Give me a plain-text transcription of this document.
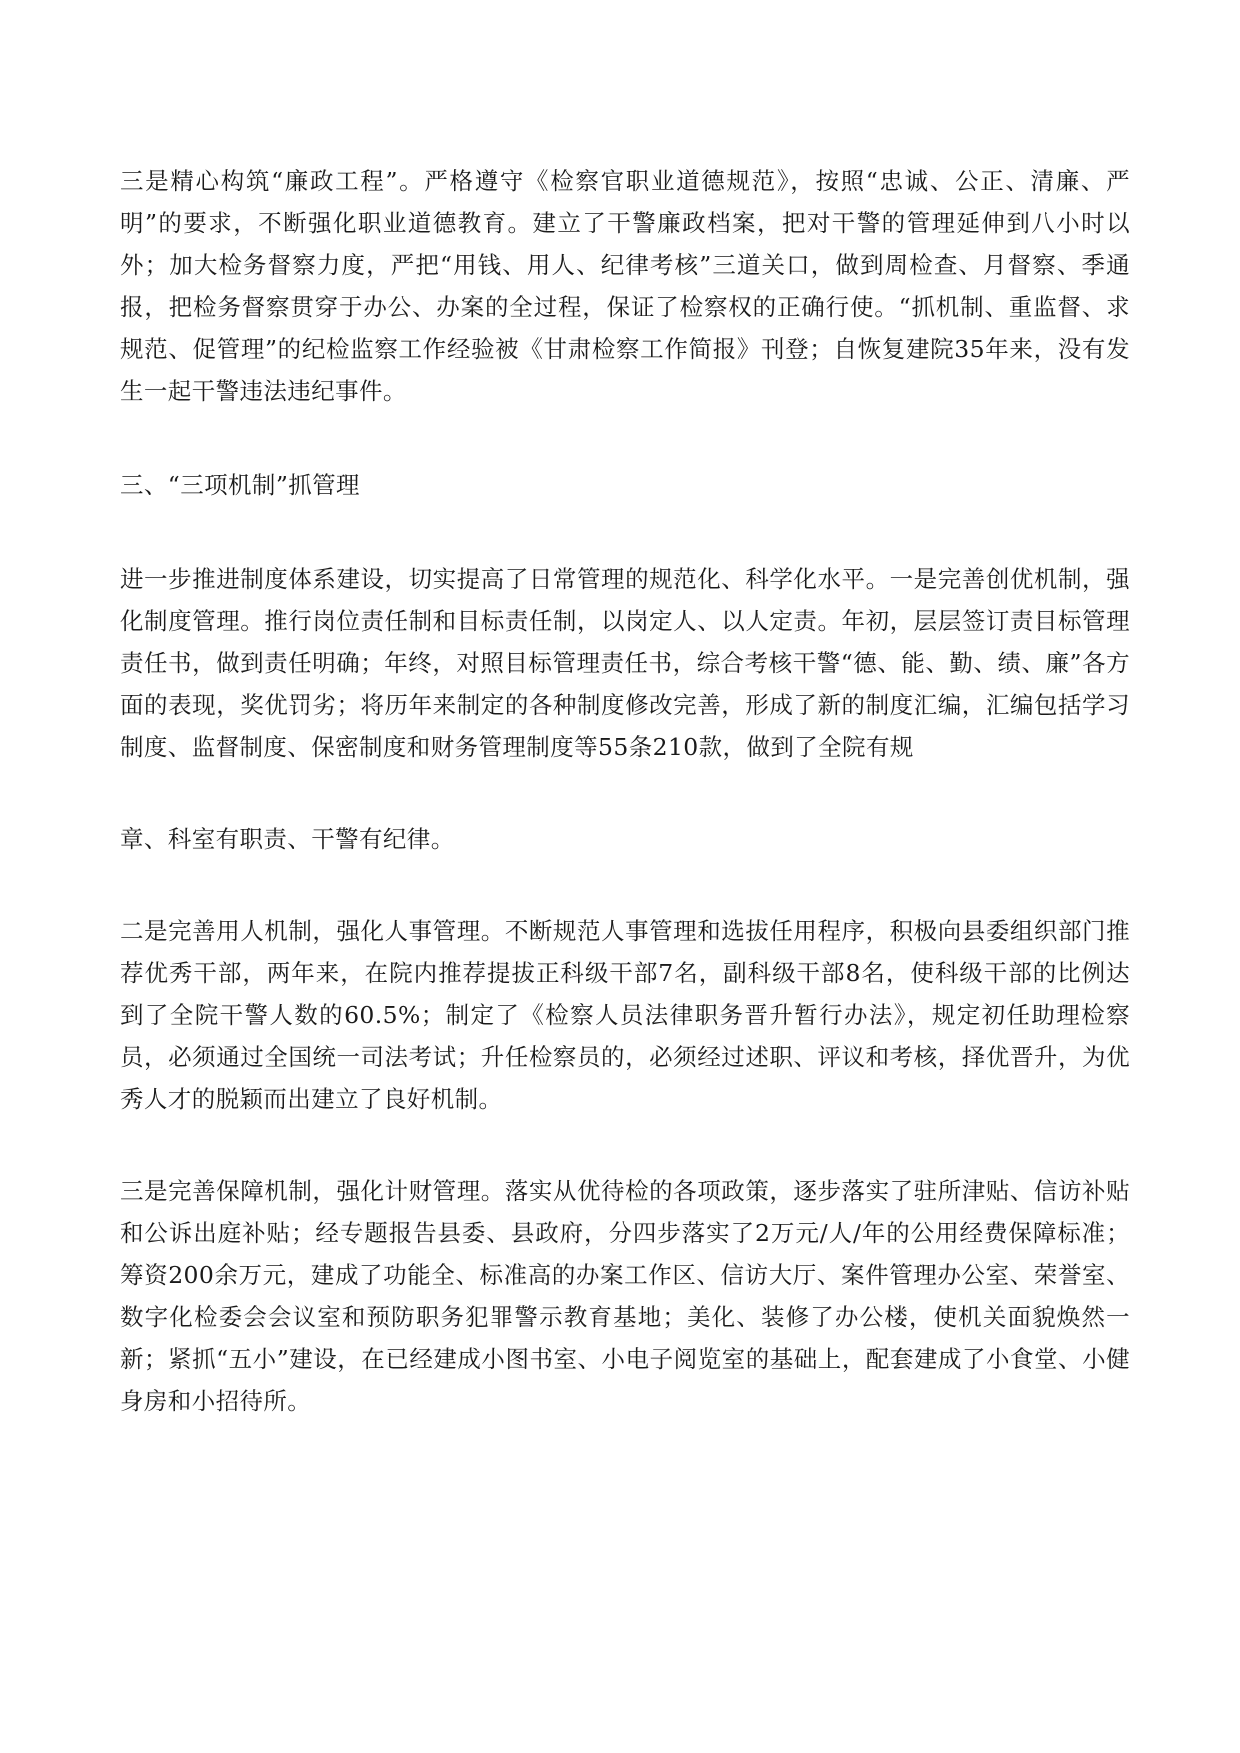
三是精心构筑“廉政工程”。严格遵守《检察官职业道德规范》，按照“忠诚、公正、清廉、严明”的要求，不断强化职业道德教育。建立了干警廉政档案，把对干警的管理延伸到八小时以外；加大检务督察力度，严把“用钱、用人、纪律考核”三道关口，做到周检查、月督察、季通报，把检务督察贯穿于办公、办案的全过程，保证了检察权的正确行使。“抓机制、重监督、求规范、促管理”的纪检监察工作经验被《甘肃检察工作简报》刊登；自恢复建院35年来，没有发生一起干警违法违纪事件。

三、“三项机制”抓管理

进一步推进制度体系建设，切实提高了日常管理的规范化、科学化水平。一是完善创优机制，强化制度管理。推行岗位责任制和目标责任制，以岗定人、以人定责。年初，层层签订责目标管理责任书，做到责任明确；年终，对照目标管理责任书，综合考核干警“德、能、勤、绩、廉”各方面的表现，奖优罚劣；将历年来制定的各种制度修改完善，形成了新的制度汇编，汇编包括学习制度、监督制度、保密制度和财务管理制度等55条210款，做到了全院有规

章、科室有职责、干警有纪律。

二是完善用人机制，强化人事管理。不断规范人事管理和选拔任用程序，积极向县委组织部门推荐优秀干部，两年来，在院内推荐提拔正科级干部7名，副科级干部8名，使科级干部的比例达到了全院干警人数的60.5%；制定了《检察人员法律职务晋升暂行办法》，规定初任助理检察员，必须通过全国统一司法考试；升任检察员的，必须经过述职、评议和考核，择优晋升，为优秀人才的脱颖而出建立了良好机制。

三是完善保障机制，强化计财管理。落实从优待检的各项政策，逐步落实了驻所津贴、信访补贴和公诉出庭补贴；经专题报告县委、县政府，分四步落实了2万元/人/年的公用经费保障标准；筹资200余万元，建成了功能全、标准高的办案工作区、信访大厅、案件管理办公室、荣誉室、数字化检委会会议室和预防职务犯罪警示教育基地；美化、装修了办公楼，使机关面貌焕然一新；紧抓“五小”建设，在已经建成小图书室、小电子阅览室的基础上，配套建成了小食堂、小健身房和小招待所。
